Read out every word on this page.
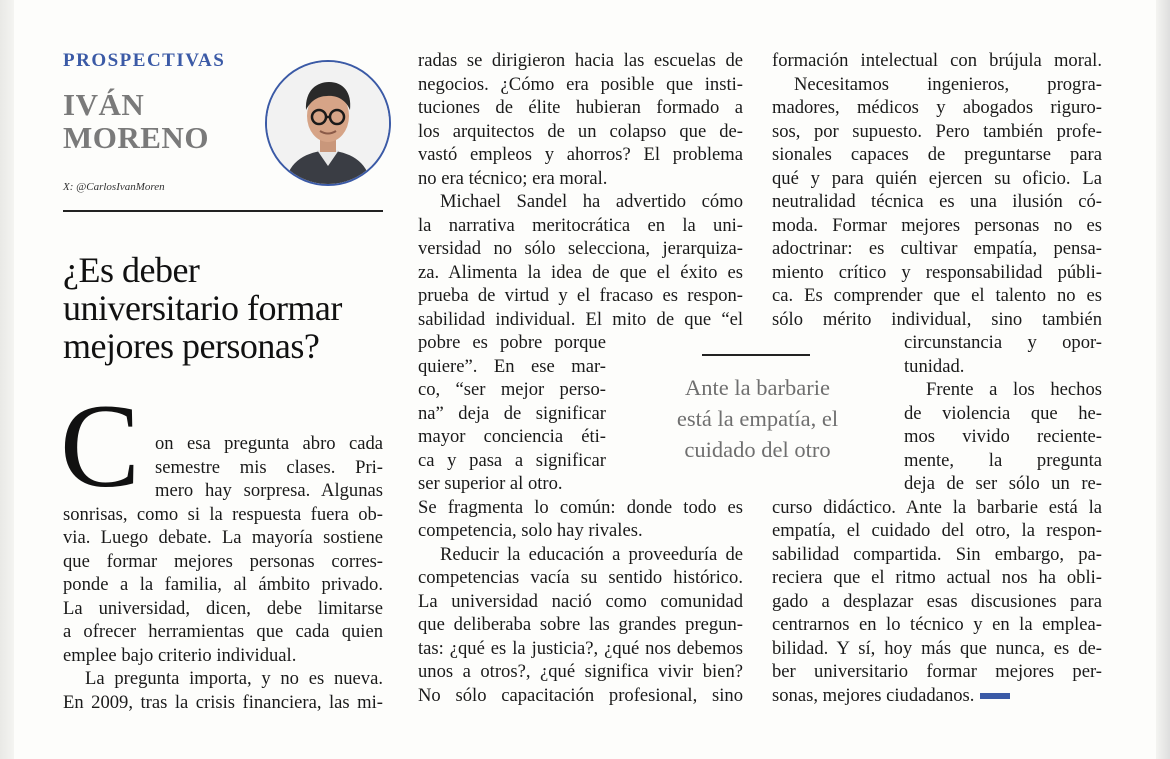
PROSPECTIVAS
IVÁN
MORENO
X: @CarlosIvanMoren
¿Es deber
universitario formar
mejores personas?
C on esa pregunta abro cada
semestre mis clases. Pri-
mero hay sorpresa. Algunas
sonrisas, como si la respuesta fuera ob-
via. Luego debate. La mayoría sostiene
que formar mejores personas corres-
ponde a la familia, al ámbito privado.
La universidad, dicen, debe limitarse
a ofrecer herramientas que cada quien
emplee bajo criterio individual.
La pregunta importa, y no es nueva.
En 2009, tras la crisis financiera, las mi-
radas se dirigieron hacia las escuelas de
negocios. ¿Cómo era posible que insti-
tuciones de élite hubieran formado a
los arquitectos de un colapso que de-
vastó empleos y ahorros? El problema
no era técnico; era moral.
Michael Sandel ha advertido cómo
la narrativa meritocrática en la uni-
versidad no sólo selecciona, jerarquiza-
za. Alimenta la idea de que el éxito es
prueba de virtud y el fracaso es respon-
sabilidad individual. El mito de que “el
pobre es pobre porque
quiere”. En ese mar-
co, “ser mejor perso-
na” deja de significar
mayor conciencia éti-
ca y pasa a significar
ser superior al otro.
Se fragmenta lo común: donde todo es
competencia, solo hay rivales.
Reducir la educación a proveeduría de
competencias vacía su sentido histórico.
La universidad nació como comunidad
que deliberaba sobre las grandes pregun-
tas: ¿qué es la justicia?, ¿qué nos debemos
unos a otros?, ¿qué significa vivir bien?
No sólo capacitación profesional, sino
Ante la barbarie
está la empatía, el
cuidado del otro
formación intelectual con brújula moral.
Necesitamos ingenieros, progra-
madores, médicos y abogados riguro-
sos, por supuesto. Pero también profe-
sionales capaces de preguntarse para
qué y para quién ejercen su oficio. La
neutralidad técnica es una ilusión có-
moda. Formar mejores personas no es
adoctrinar: es cultivar empatía, pensa-
miento crítico y responsabilidad públi-
ca. Es comprender que el talento no es
sólo mérito individual, sino también
circunstancia y opor-
tunidad.
Frente a los hechos
de violencia que he-
mos vivido reciente-
mente, la pregunta
deja de ser sólo un re-
curso didáctico. Ante la barbarie está la
empatía, el cuidado del otro, la respon-
sabilidad compartida. Sin embargo, pa-
reciera que el ritmo actual nos ha obli-
gado a desplazar esas discusiones para
centrarnos en lo técnico y en la emplea-
bilidad. Y sí, hoy más que nunca, es de-
ber universitario formar mejores per-
sonas, mejores ciudadanos.
